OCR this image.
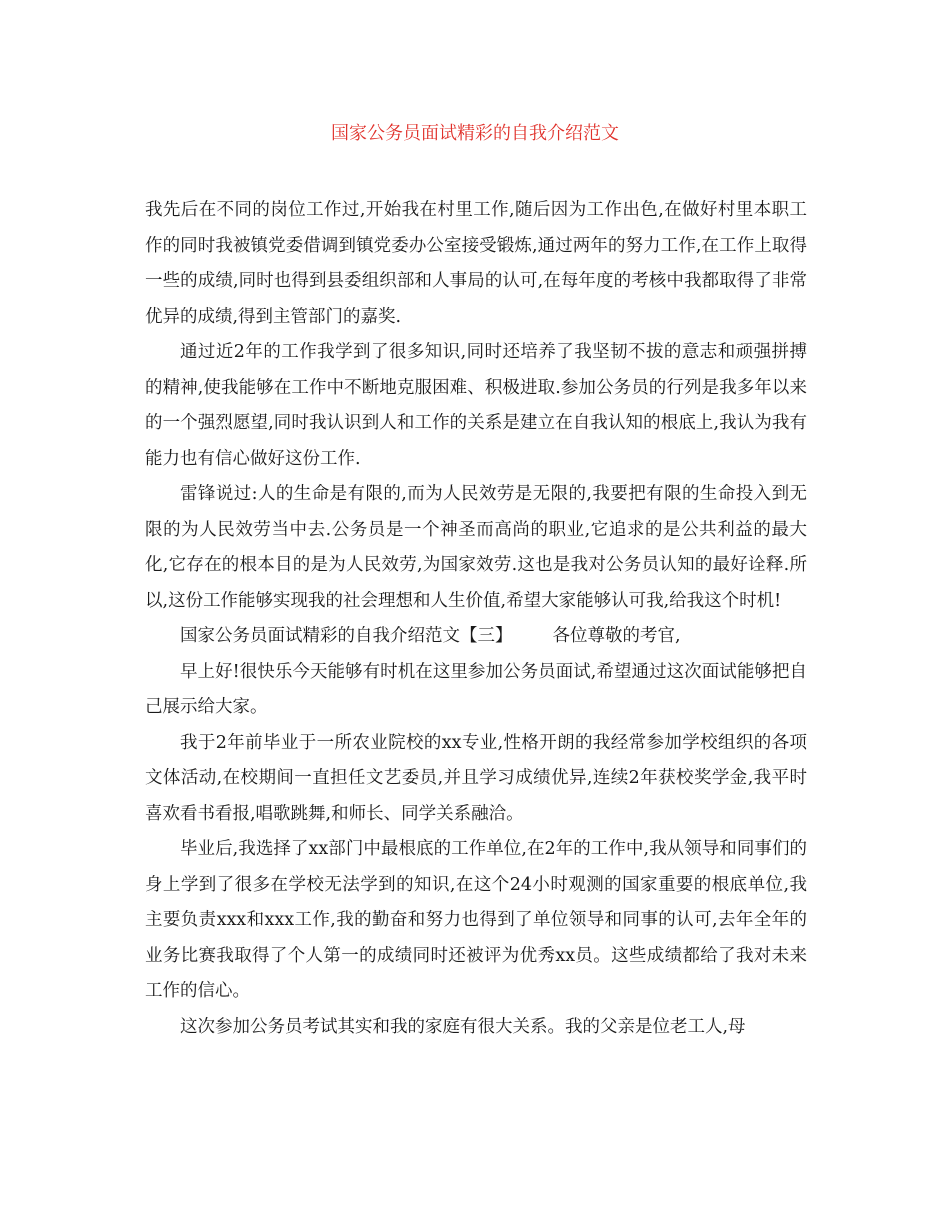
国家公务员面试精彩的自我介绍范文

我先后在不同的岗位工作过,开始我在村里工作,随后因为工作出色,在做好村里本职工作的同时我被镇党委借调到镇党委办公室接受锻炼,通过两年的努力工作,在工作上取得一些的成绩,同时也得到县委组织部和人事局的认可,在每年度的考核中我都取得了非常优异的成绩,得到主管部门的嘉奖.

通过近2年的工作我学到了很多知识,同时还培养了我坚韧不拔的意志和顽强拼搏的精神,使我能够在工作中不断地克服困难、积极进取.参加公务员的行列是我多年以来的一个强烈愿望,同时我认识到人和工作的关系是建立在自我认知的根底上,我认为我有能力也有信心做好这份工作.

雷锋说过:人的生命是有限的,而为人民效劳是无限的,我要把有限的生命投入到无限的为人民效劳当中去.公务员是一个神圣而高尚的职业,它追求的是公共利益的最大化,它存在的根本目的是为人民效劳,为国家效劳.这也是我对公务员认知的最好诠释.所以,这份工作能够实现我的社会理想和人生价值,希望大家能够认可我,给我这个时机!

国家公务员面试精彩的自我介绍范文【三】 各位尊敬的考官,

早上好!很快乐今天能够有时机在这里参加公务员面试,希望通过这次面试能够把自己展示给大家。

我于2年前毕业于一所农业院校的xx专业,性格开朗的我经常参加学校组织的各项文体活动,在校期间一直担任文艺委员,并且学习成绩优异,连续2年获校奖学金,我平时喜欢看书看报,唱歌跳舞,和师长、同学关系融洽。

毕业后,我选择了xx部门中最根底的工作单位,在2年的工作中,我从领导和同事们的身上学到了很多在学校无法学到的知识,在这个24小时观测的国家重要的根底单位,我主要负责xxx和xxx工作,我的勤奋和努力也得到了单位领导和同事的认可,去年全年的业务比赛我取得了个人第一的成绩同时还被评为优秀xx员。这些成绩都给了我对未来工作的信心。

这次参加公务员考试其实和我的家庭有很大关系。我的父亲是位老工人,母
